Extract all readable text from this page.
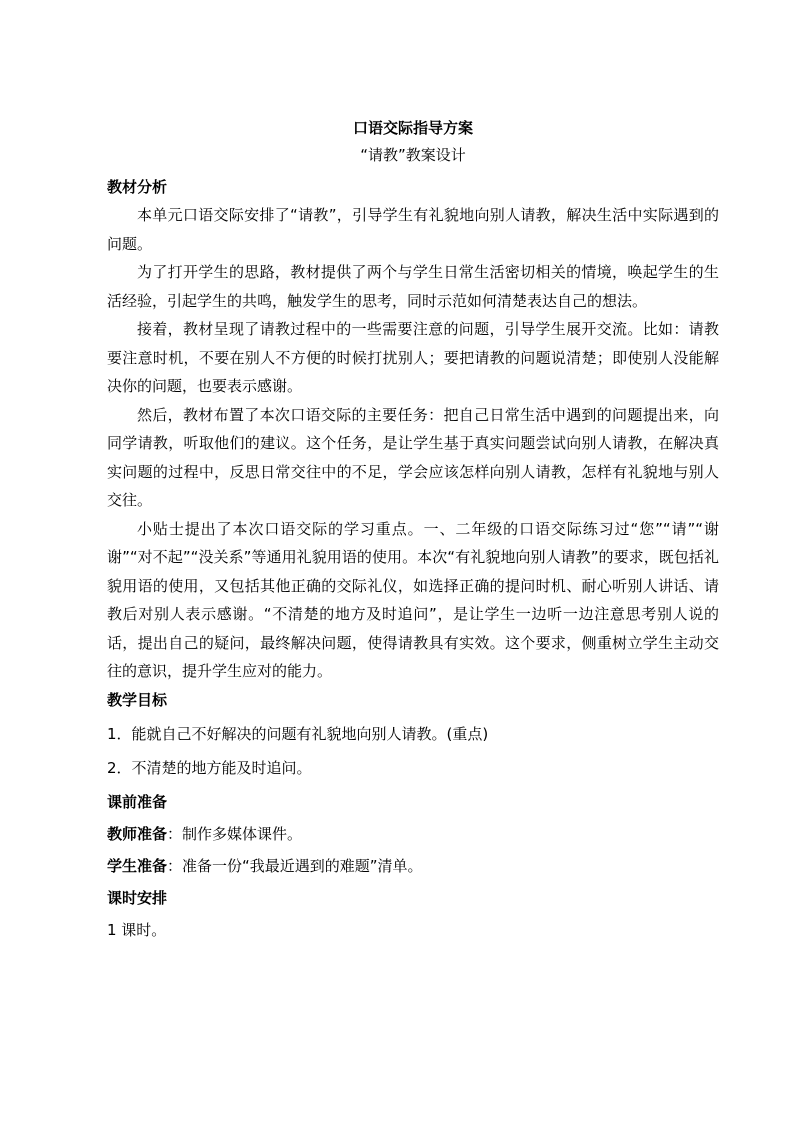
口语交际指导方案

“请教”教案设计

教材分析

本单元口语交际安排了“请教”，引导学生有礼貌地向别人请教，解决生活中实际遇到的问题。

为了打开学生的思路，教材提供了两个与学生日常生活密切相关的情境，唤起学生的生活经验，引起学生的共鸣，触发学生的思考，同时示范如何清楚表达自己的想法。

接着，教材呈现了请教过程中的一些需要注意的问题，引导学生展开交流。比如：请教要注意时机，不要在别人不方便的时候打扰别人；要把请教的问题说清楚；即使别人没能解决你的问题，也要表示感谢。

然后，教材布置了本次口语交际的主要任务：把自己日常生活中遇到的问题提出来，向同学请教，听取他们的建议。这个任务，是让学生基于真实问题尝试向别人请教，在解决真实问题的过程中，反思日常交往中的不足，学会应该怎样向别人请教，怎样有礼貌地与别人交往。

小贴士提出了本次口语交际的学习重点。一、二年级的口语交际练习过“您”“请”“谢谢”“对不起”“没关系”等通用礼貌用语的使用。本次“有礼貌地向别人请教”的要求，既包括礼貌用语的使用，又包括其他正确的交际礼仪，如选择正确的提问时机、耐心听别人讲话、请教后对别人表示感谢。“不清楚的地方及时追问”，是让学生一边听一边注意思考别人说的话，提出自己的疑问，最终解决问题，使得请教具有实效。这个要求，侧重树立学生主动交往的意识，提升学生应对的能力。

教学目标

1．能就自己不好解决的问题有礼貌地向别人请教。(重点)

2．不清楚的地方能及时追问。

课前准备

教师准备：制作多媒体课件。

学生准备：准备一份“我最近遇到的难题”清单。

课时安排

1 课时。
